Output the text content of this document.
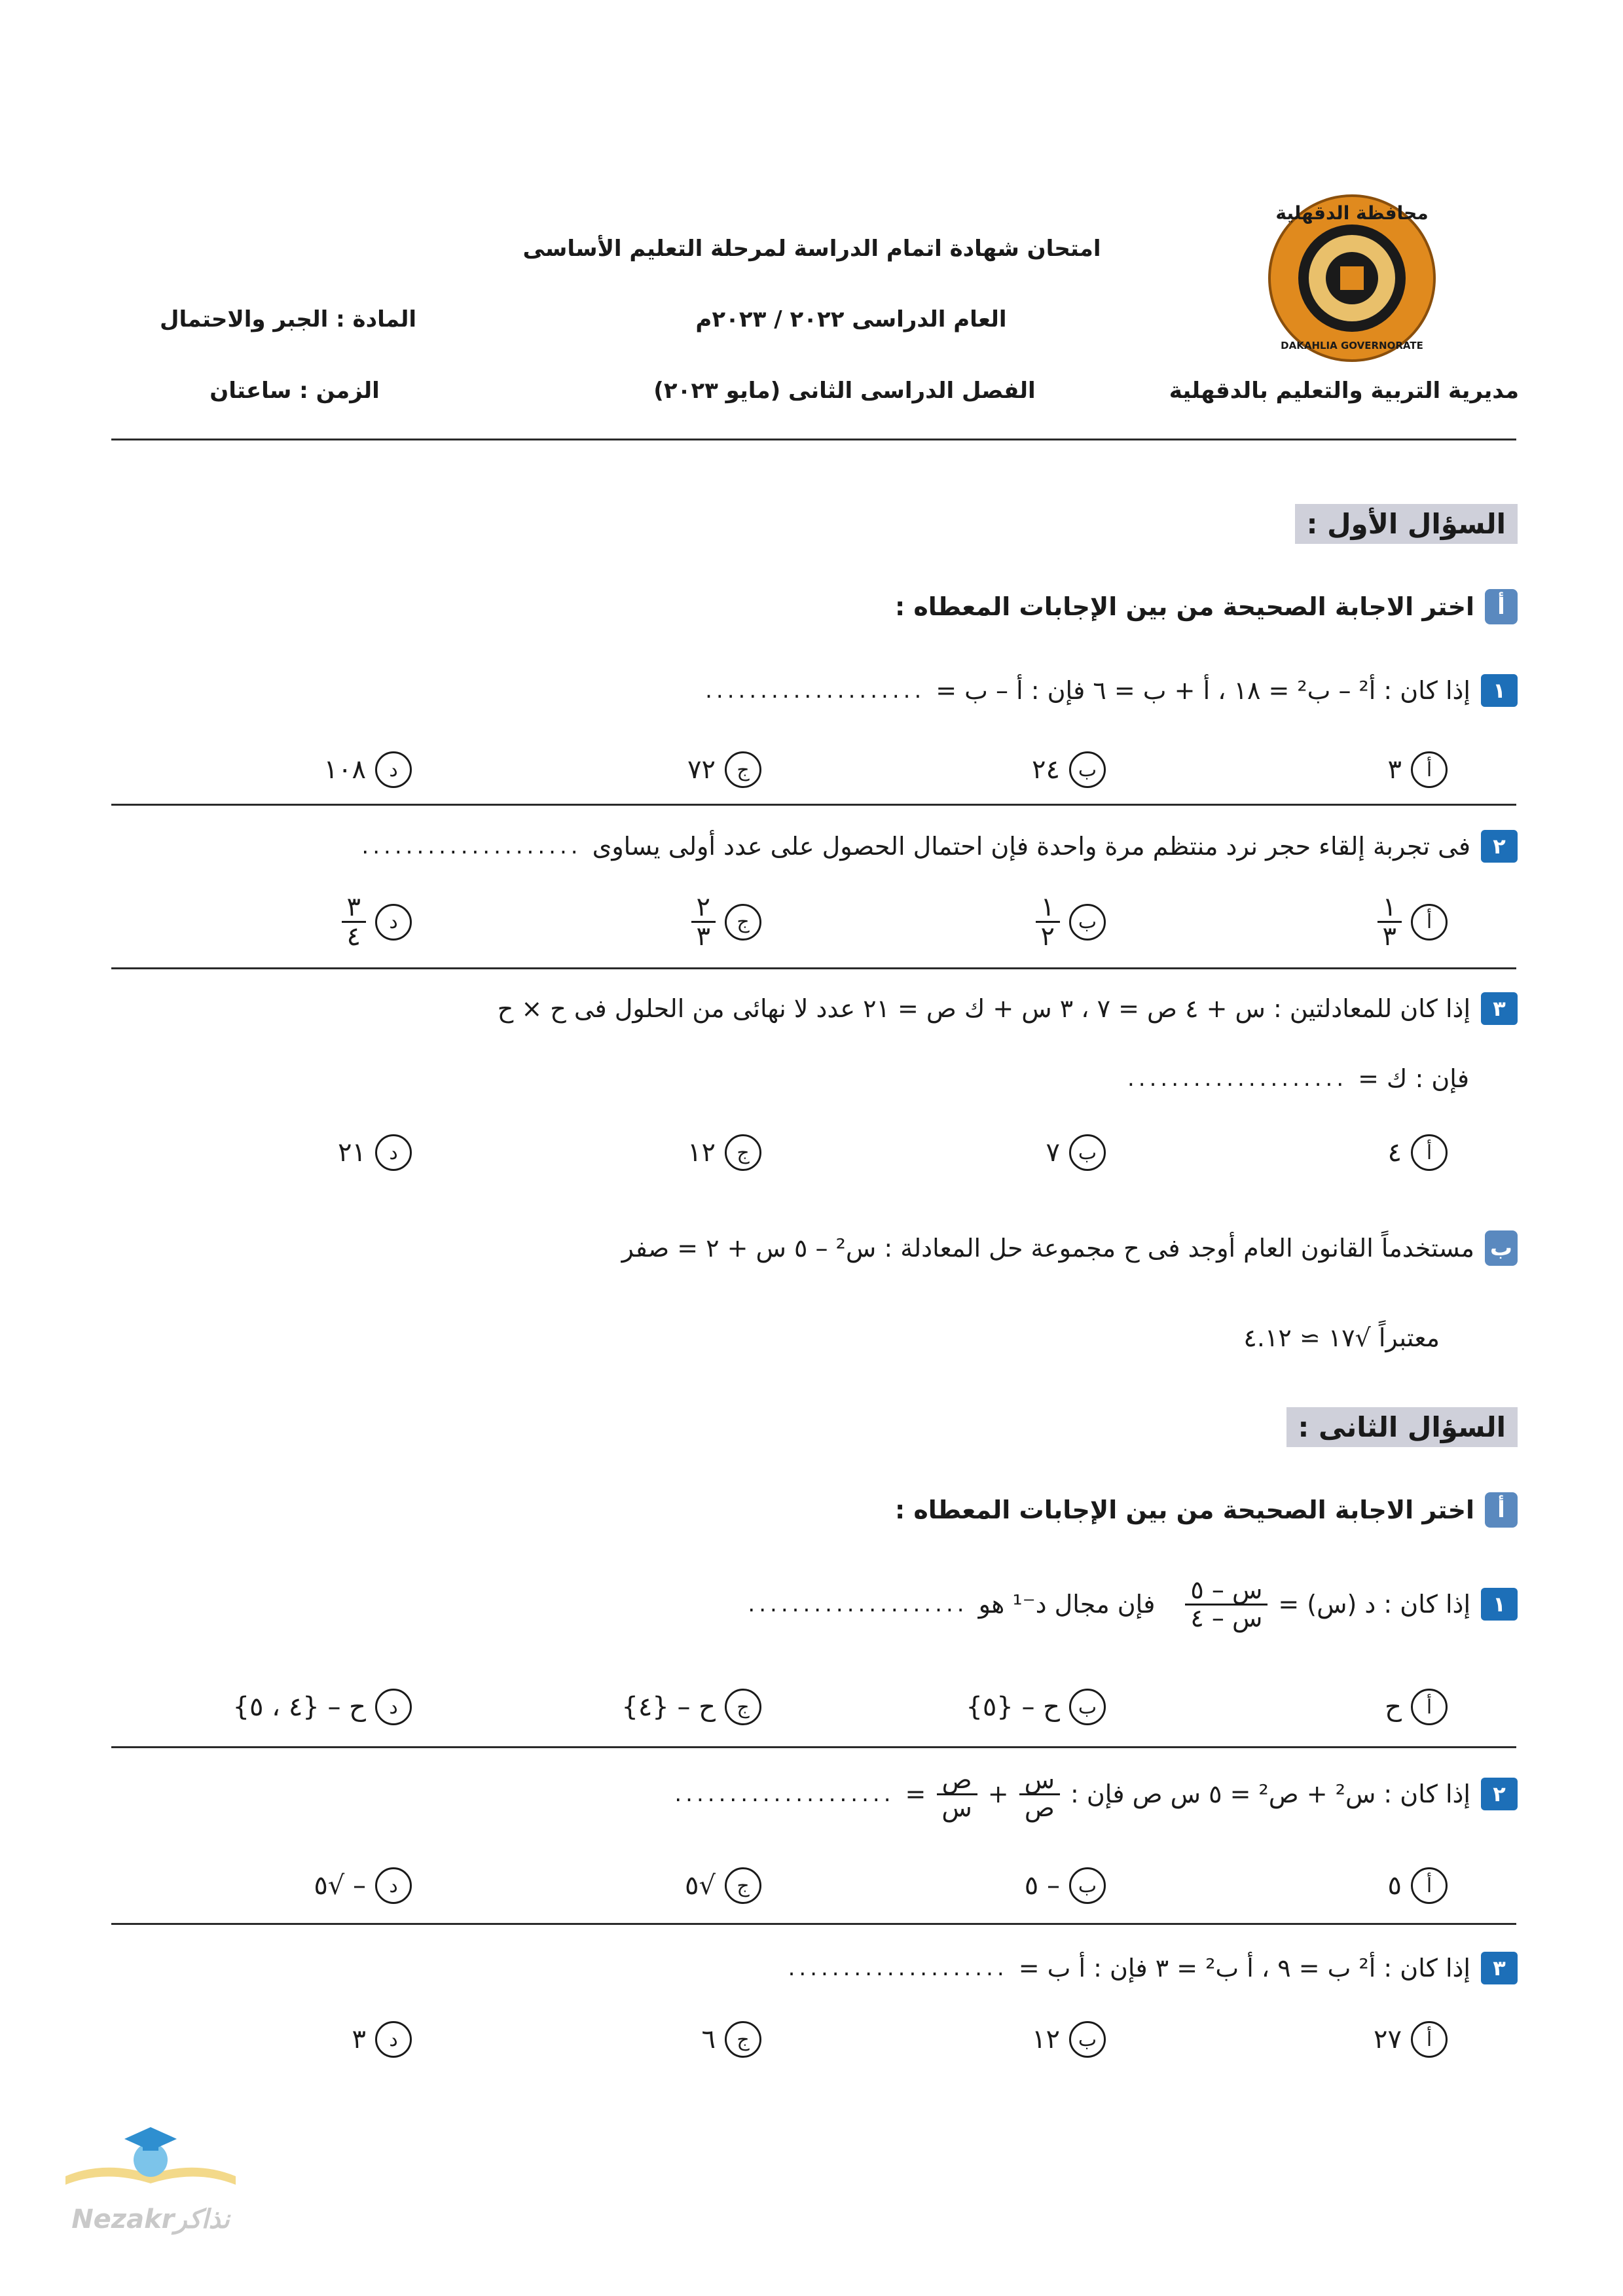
محافظة الدقهلية
DAKAHLIA GOVERNORATE
امتحان شهادة اتمام الدراسة لمرحلة التعليم الأساسى
العام الدراسى ٢٠٢٢ / ٢٠٢٣م
الفصل الدراسى الثانى (مايو ٢٠٢٣)
المادة : الجبر والاحتمال
الزمن : ساعتان	مديرية التربية والتعليم بالدقهلية
السؤال الأول :
أ
اختر الاجابة الصحيحة من بين الإجابات المعطاه :
١
إذا كان : أ² – ب² = ١٨ ، أ + ب = ٦ فإن : أ – ب =
....................
أ
٣
ب
٢٤
ج
٧٢
د
١٠٨
٢
فى تجربة إلقاء حجر نرد منتظم مرة واحدة فإن احتمال الحصول على عدد أولى يساوى
....................
أ
$\frac{١}{٣}$
ب
$\frac{١}{٢}$
ج
$\frac{٢}{٣}$
د
$\frac{٣}{٤}$
٣
إذا كان للمعادلتين : س + ٤ ص = ٧ ، ٣ س + ك ص = ٢١ عدد لا نهائى من الحلول فى ح × ح
فإن : ك =
....................
أ
٤
ب
٧
ج
١٢
د
٢١
ب
مستخدماً القانون العام أوجد فى ح مجموعة حل المعادلة : س² – ٥ س + ٢ = صفر
معتبراً √١٧ ≃ ٤.١٢
السؤال الثانى :
أ
اختر الاجابة الصحيحة من بين الإجابات المعطاه :
١
إذا كان : د (س) =
$\frac{\text{س – ٥}}{\text{س – ٤}}$
فإن مجال د⁻¹ هو
....................
أ
ح
ب
ح – {٥}
ج
ح – {٤}
د
ح – {٤ ، ٥}
٢
إذا كان : س² + ص² = ٥ س ص فإن :
$\frac{\text{س}}{\text{ص}}$
+
$\frac{\text{ص}}{\text{س}}$
=
....................
أ
٥
ب
– ٥
ج
√٥
د
– √٥
٣
إذا كان : أ² ب = ٩ ، أ ب² = ٣ فإن : أ ب =
....................
أ
٢٧
ب
١٢
ج
٦
د
٣
Nezakrنذاكر
